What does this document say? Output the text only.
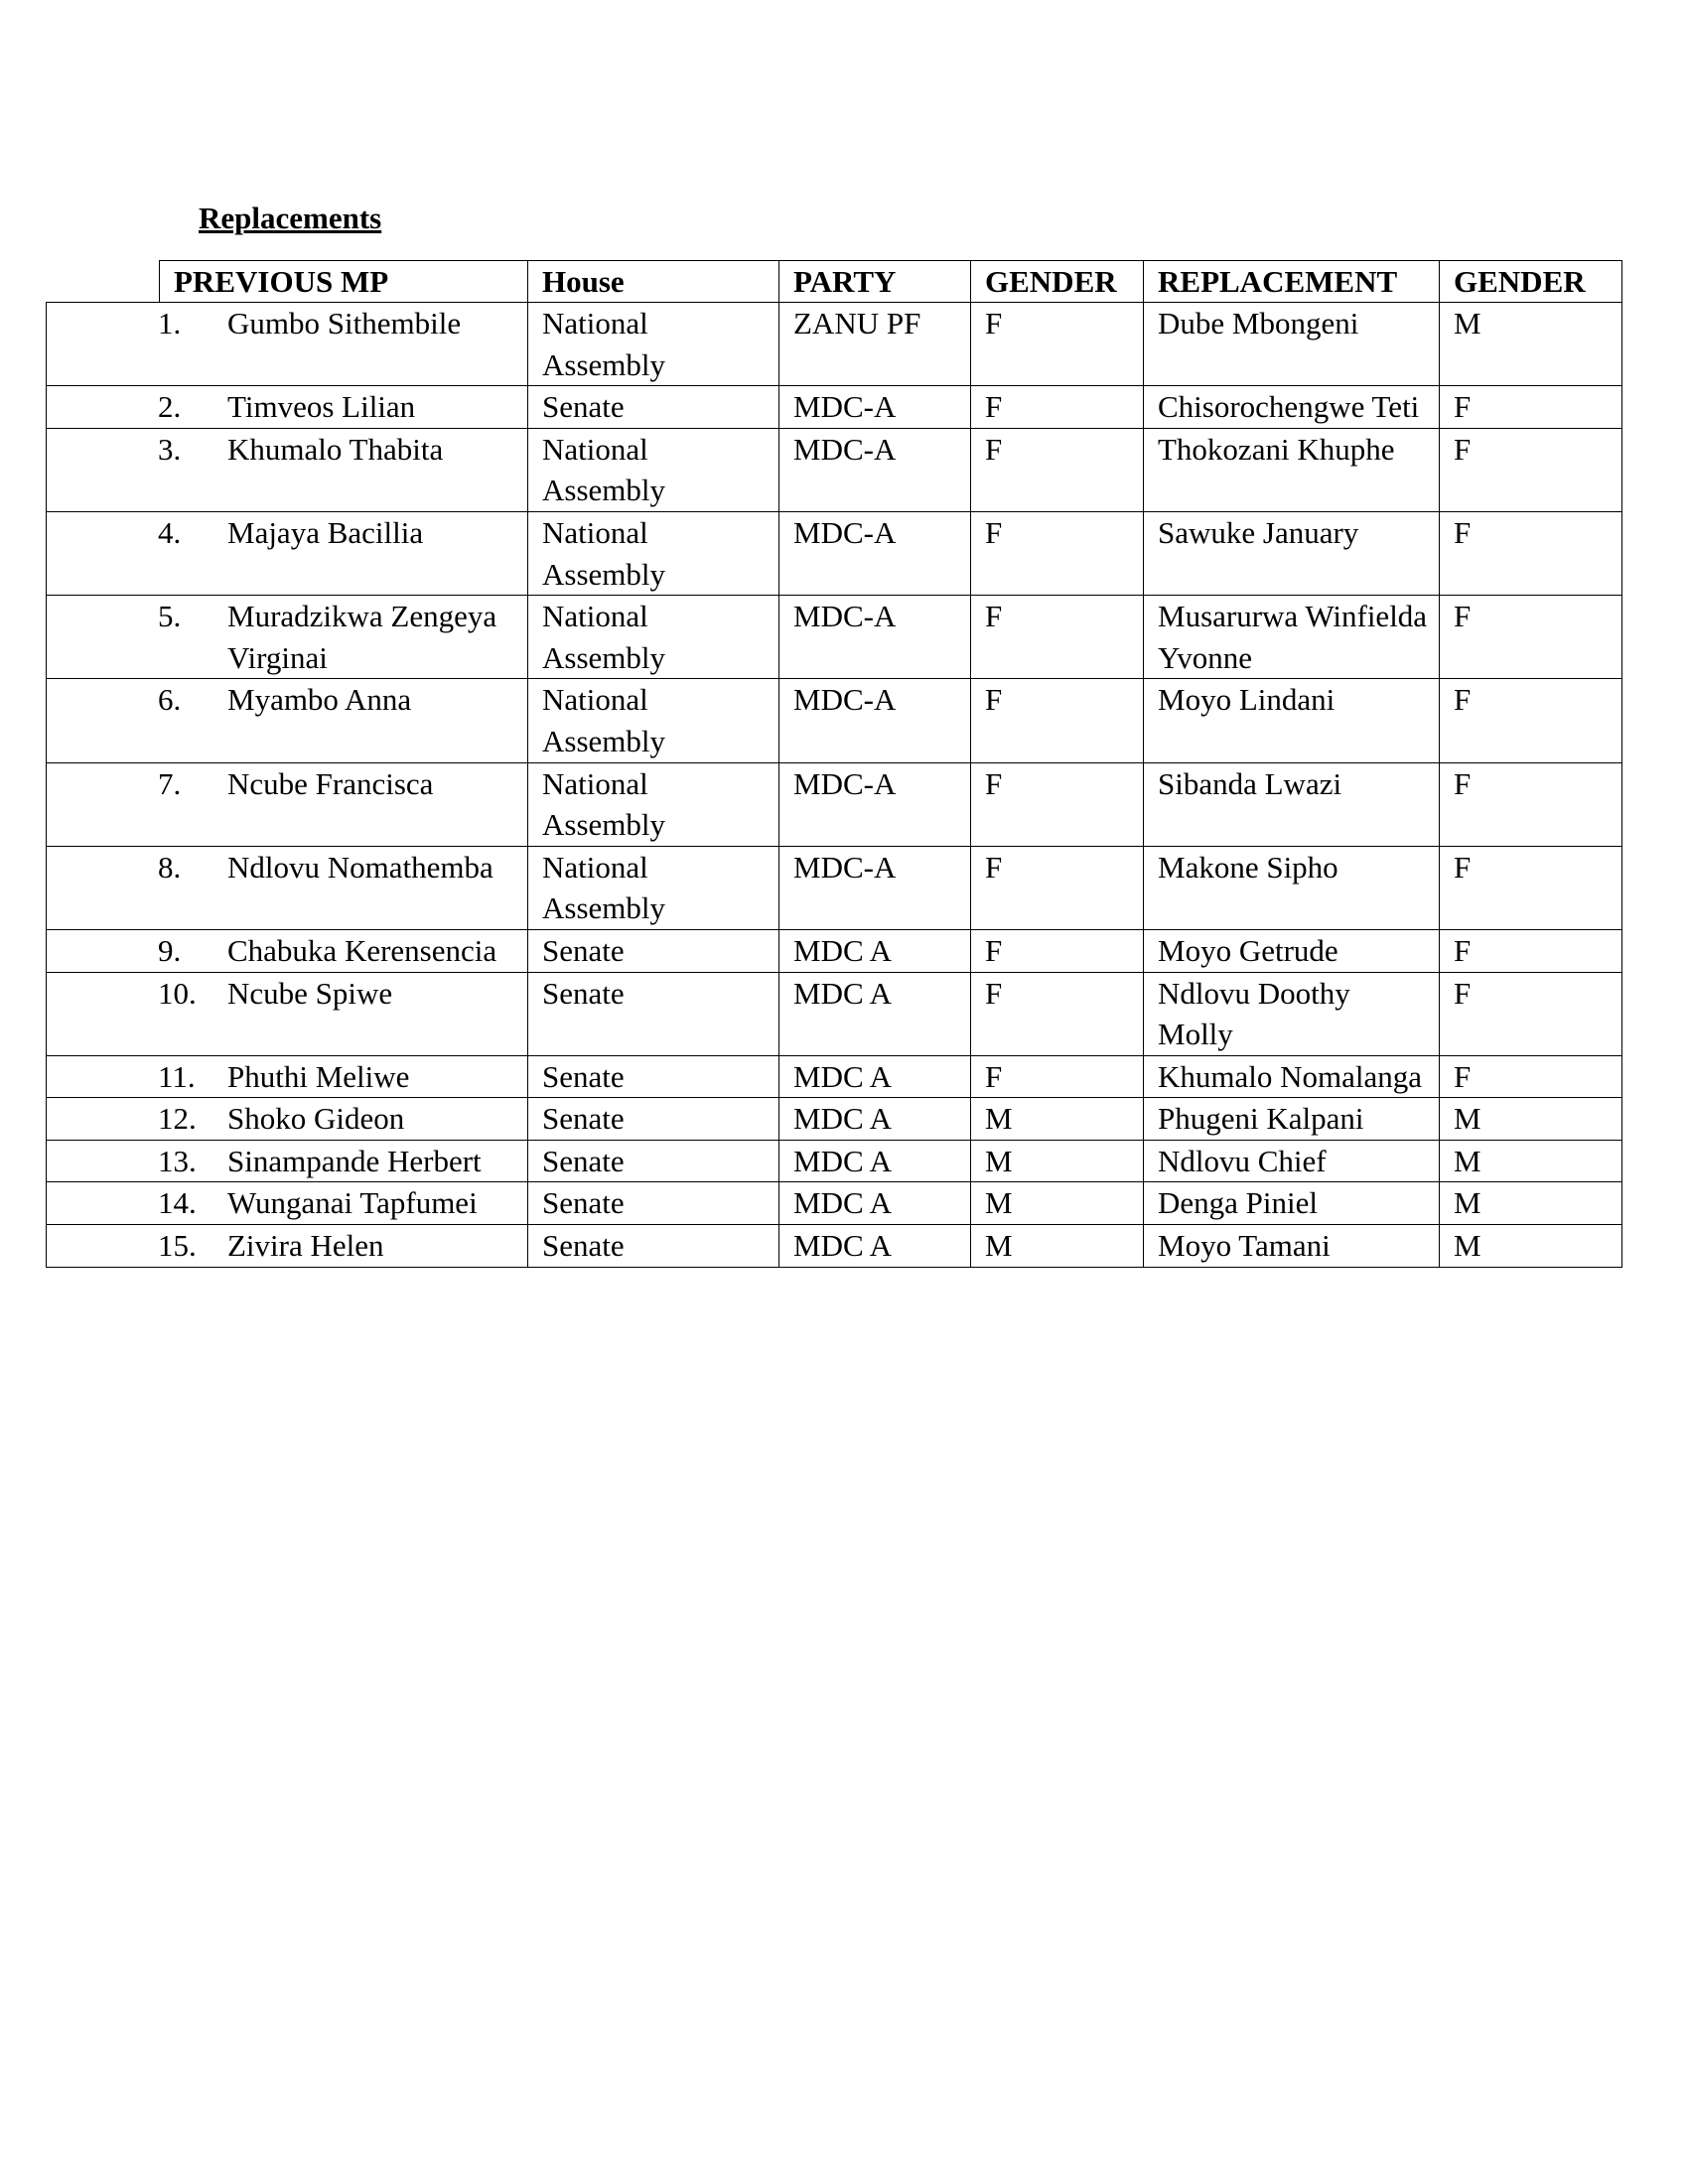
Replacements
PREVIOUS MP	House	PARTY	GENDER	REPLACEMENT	GENDER
1. Gumbo Sithembile	National Assembly	ZANU PF	F	Dube Mbongeni	M

2. Timveos Lilian	Senate	MDC-A	F	Chisorochengwe Teti	F

3. Khumalo Thabita	National Assembly	MDC-A	F	Thokozani Khuphe	F

4. Majaya Bacillia	National Assembly	MDC-A	F	Sawuke January	F

5. Muradzikwa Zengeya Virginai	National Assembly	MDC-A	F	Musarurwa Winfielda Yvonne	F

6. Myambo Anna	National Assembly	MDC-A	F	Moyo Lindani	F

7. Ncube Francisca	National Assembly	MDC-A	F	Sibanda Lwazi	F

8. Ndlovu Nomathemba	National Assembly	MDC-A	F	Makone Sipho	F

9. Chabuka Kerensencia	Senate	MDC A	F	Moyo Getrude	F

10. Ncube Spiwe	Senate	MDC A	F	Ndlovu Doothy Molly	F

11. Phuthi Meliwe	Senate	MDC A	F	Khumalo Nomalanga	F

12. Shoko Gideon	Senate	MDC A	M	Phugeni Kalpani	M

13. Sinampande Herbert	Senate	MDC A	M	Ndlovu Chief	M

14. Wunganai Tapfumei	Senate	MDC A	M	Denga Piniel	M

15. Zivira Helen	Senate	MDC A	M	Moyo Tamani	M
